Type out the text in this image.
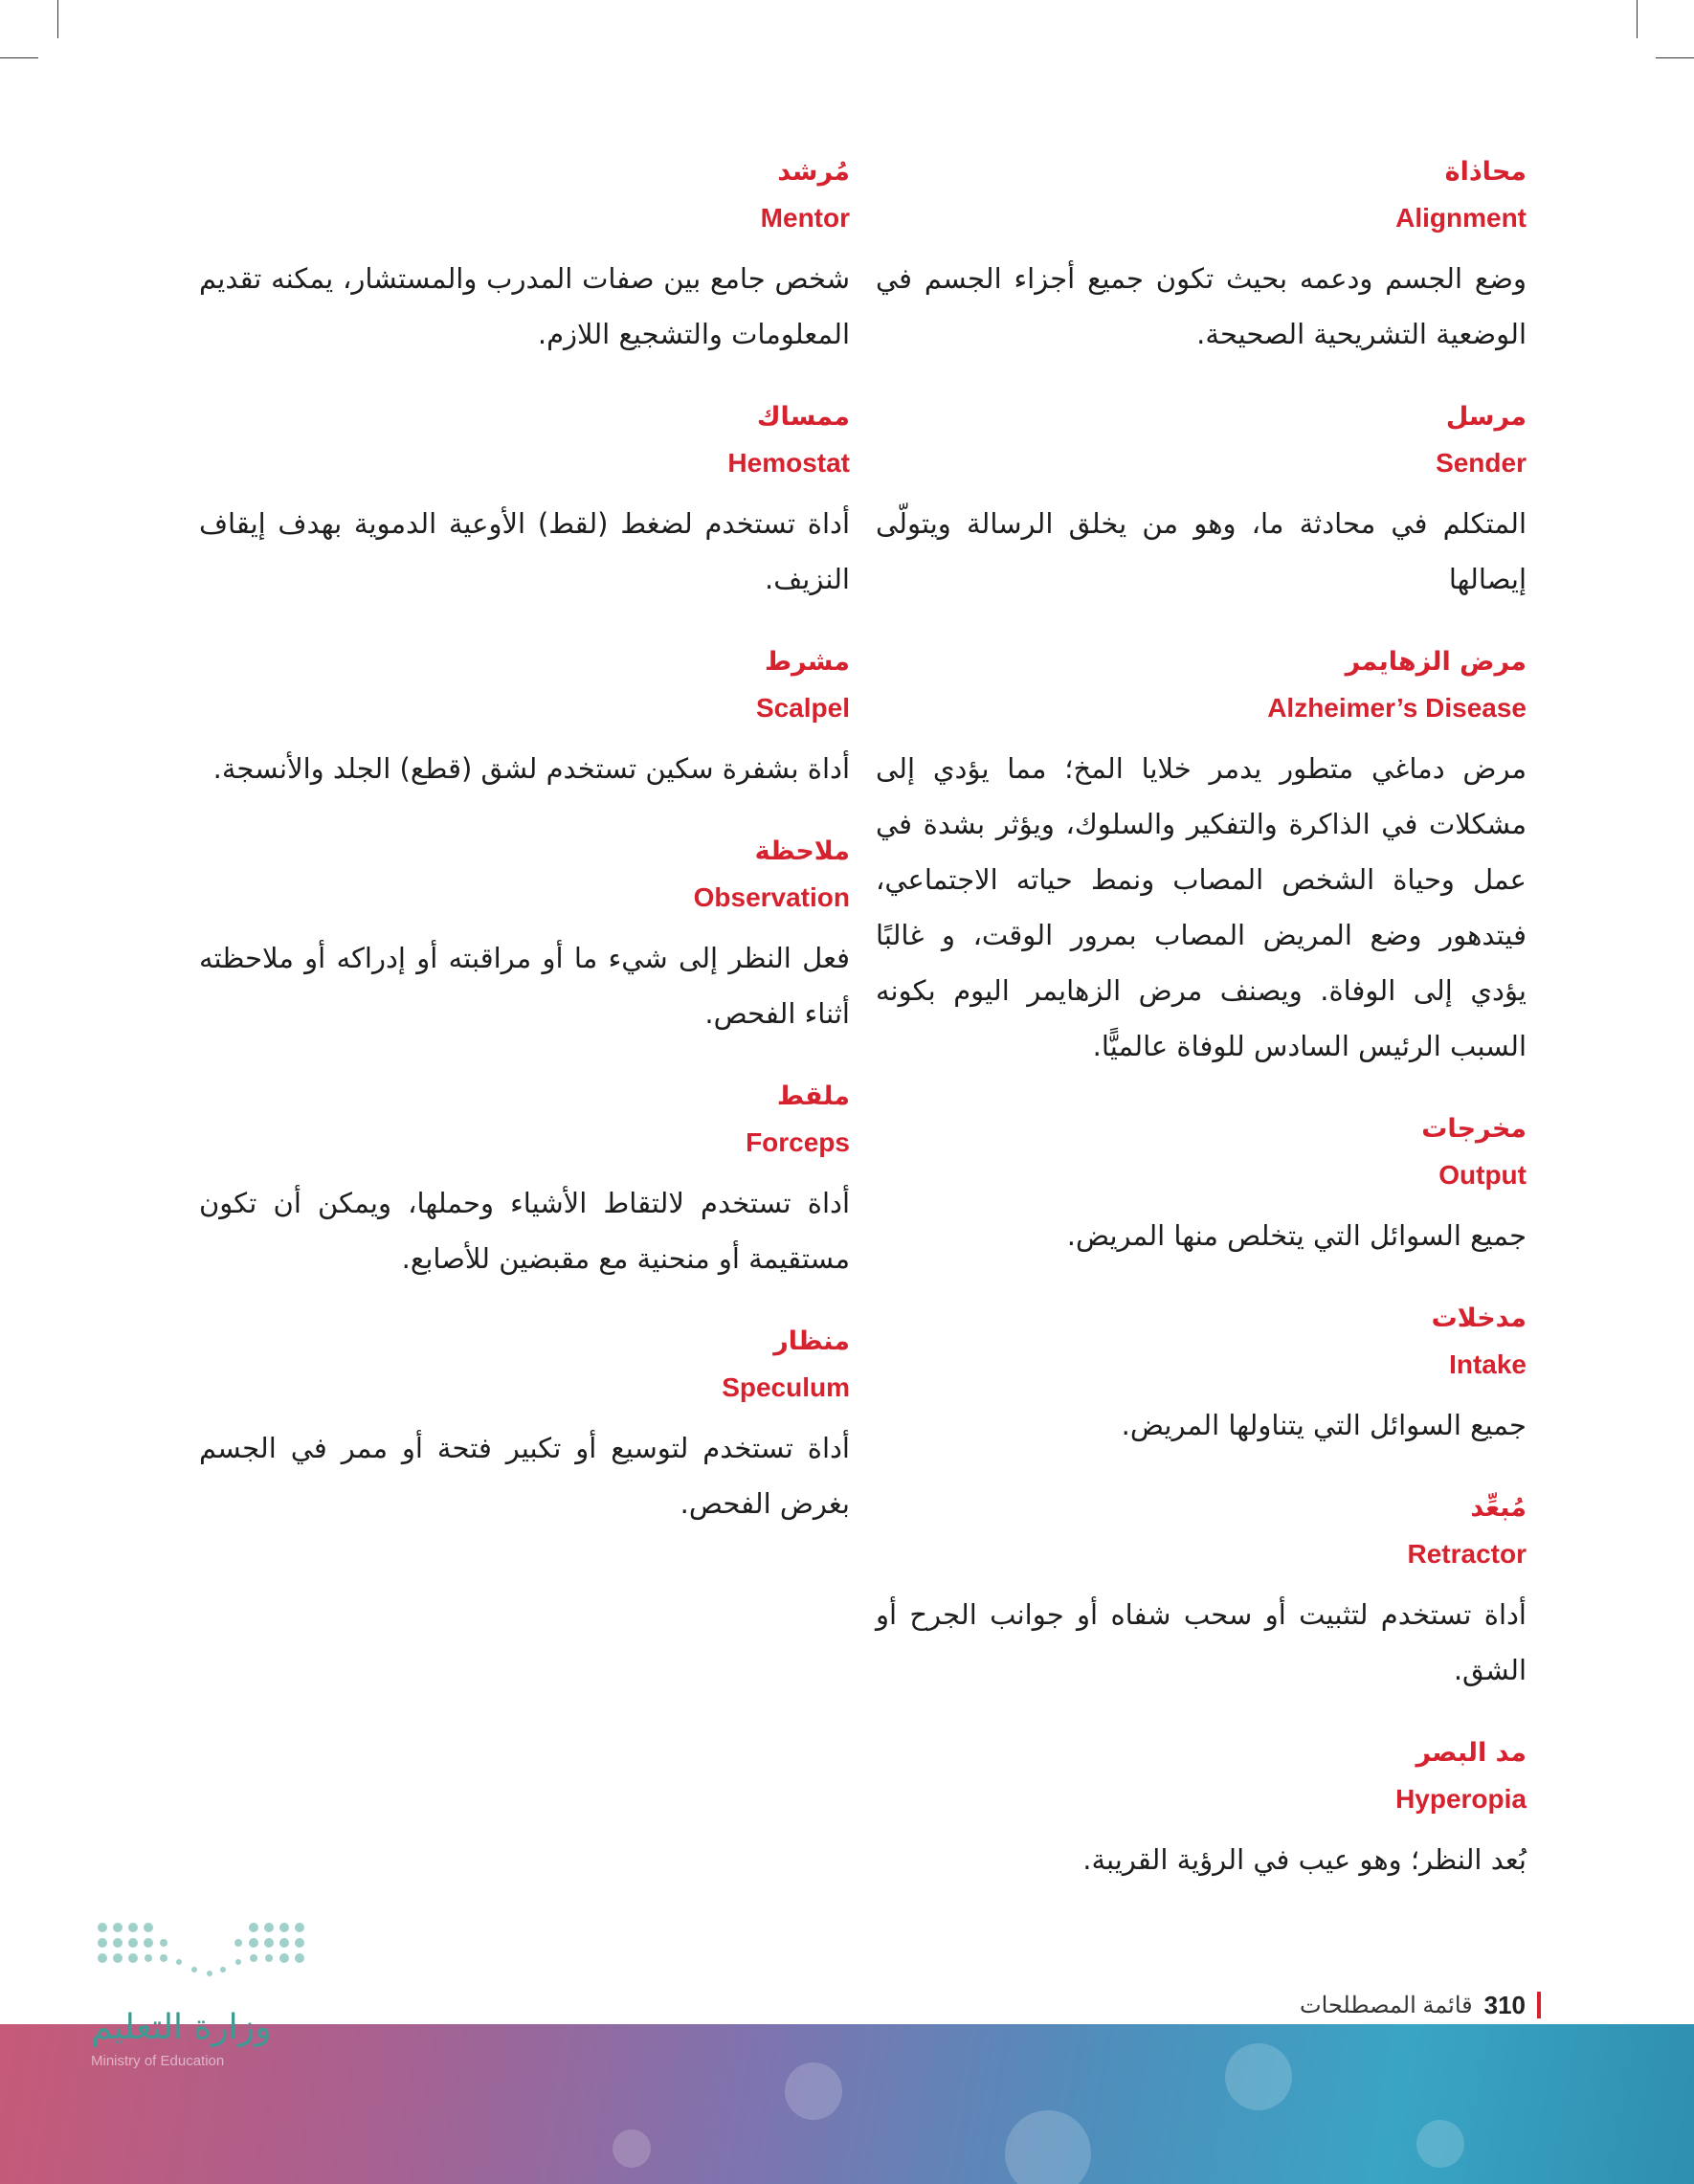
محاذاة
Alignment
وضع الجسم ودعمه بحيث تكون جميع أجزاء الجسم في الوضعية التشريحية الصحيحة.
مرسل
Sender
المتكلم في محادثة ما، وهو من يخلق الرسالة ويتولّى إيصالها
مرض الزهايمر
Alzheimer’s Disease
مرض دماغي متطور يدمر خلايا المخ؛ مما يؤدي إلى مشكلات في الذاكرة والتفكير والسلوك، ويؤثر بشدة في عمل وحياة الشخص المصاب ونمط حياته الاجتماعي، فيتدهور وضع المريض المصاب بمرور الوقت، و غالبًا يؤدي إلى الوفاة. ويصنف مرض الزهايمر اليوم بكونه السبب الرئيس السادس للوفاة عالميًّا.
مخرجات
Output
جميع السوائل التي يتخلص منها المريض.
مدخلات
Intake
جميع السوائل التي يتناولها المريض.
مُبعِّد
Retractor
أداة تستخدم لتثبيت أو سحب شفاه أو جوانب الجرح أو الشق.
مد البصر
Hyperopia
بُعد النظر؛ وهو عيب في الرؤية القريبة.
مُرشد
Mentor
شخص جامع بين صفات المدرب والمستشار، يمكنه تقديم المعلومات والتشجيع اللازم.
ممساك
Hemostat
أداة تستخدم لضغط (لقط) الأوعية الدموية بهدف إيقاف النزيف.
مشرط
Scalpel
أداة بشفرة سكين تستخدم لشق (قطع) الجلد والأنسجة.
ملاحظة
Observation
فعل النظر إلى شيء ما أو مراقبته أو إدراكه أو ملاحظته أثناء الفحص.
ملقط
Forceps
أداة تستخدم لالتقاط الأشياء وحملها، ويمكن أن تكون مستقيمة أو منحنية مع مقبضين للأصابع.
منظار
Speculum
أداة تستخدم لتوسيع أو تكبير فتحة أو ممر في الجسم بغرض الفحص.
310
قائمة المصطلحات
وزارة التعليم
Ministry of Education
